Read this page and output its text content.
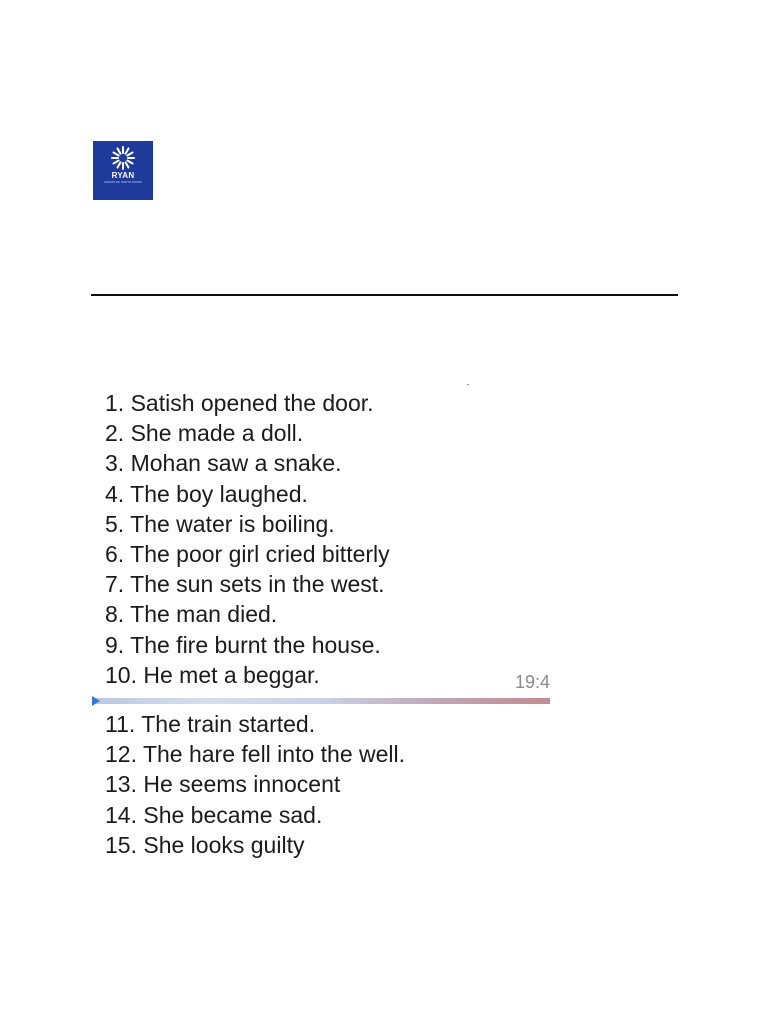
RYAN
GROUP OF INSTITUTIONS
1. Satish opened the door.
2. She made a doll.
3. Mohan saw a snake.
4. The boy laughed.
5. The water is boiling.
6. The poor girl cried bitterly
7. The sun sets in the west.
8. The man died.
9. The fire burnt the house.
10. He met a beggar.	19:4
11. The train started.
12. The hare fell into the well.
13. He seems innocent
14. She became sad.
15. She looks guilty
